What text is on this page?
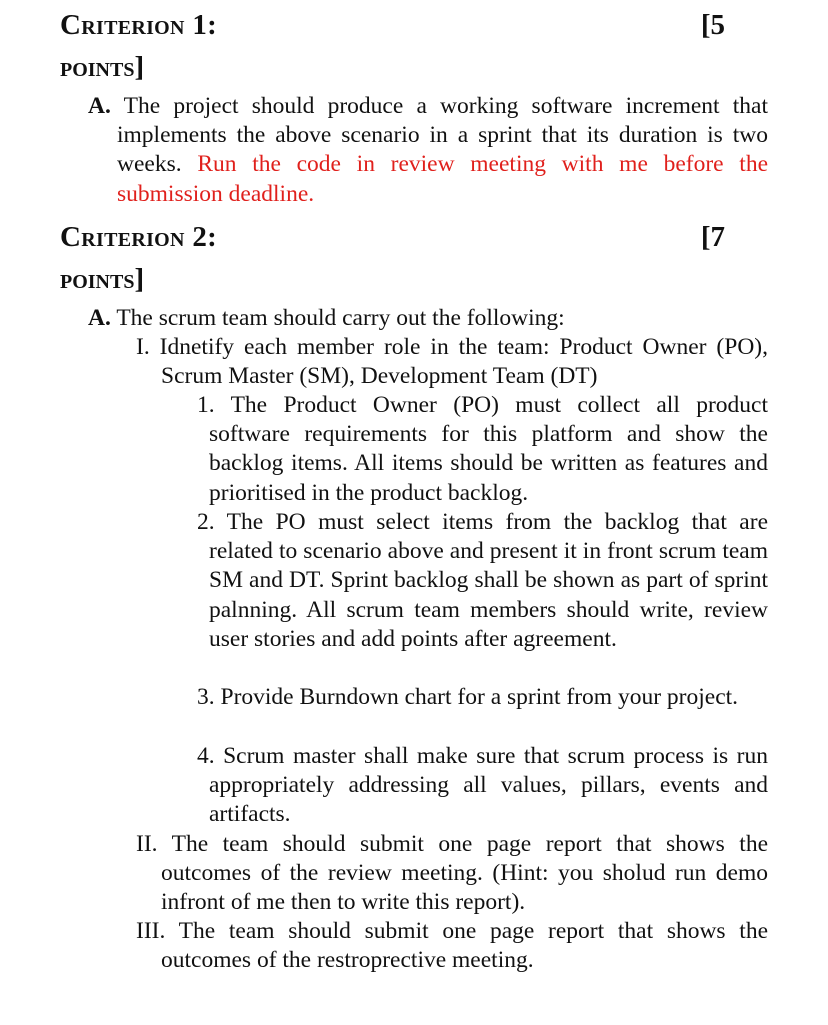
Criterion 1:	[5
points]
A. The project should produce a working software increment that implements the above scenario in a sprint that its duration is two weeks. Run the code in review meeting with me before the submission deadline.
Criterion 2:	[7
points]
A. The scrum team should carry out the following:
I. Idnetify each member role in the team: Product Owner (PO), Scrum Master (SM), Development Team (DT)
1. The Product Owner (PO) must collect all product software requirements for this platform and show the backlog items. All items should be written as features and prioritised in the product backlog.
2. The PO must select items from the backlog that are related to scenario above and present it in front scrum team SM and DT. Sprint backlog shall be shown as part of sprint palnning. All scrum team members should write, review user stories and add points after agreement.
3. Provide Burndown chart for a sprint from your project.
4. Scrum master shall make sure that scrum process is run appropriately addressing all values, pillars, events and artifacts.
II. The team should submit one page report that shows the outcomes of the review meeting. (Hint: you sholud run demo infront of me then to write this report).
III. The team should submit one page report that shows the outcomes of the restroprective meeting.
